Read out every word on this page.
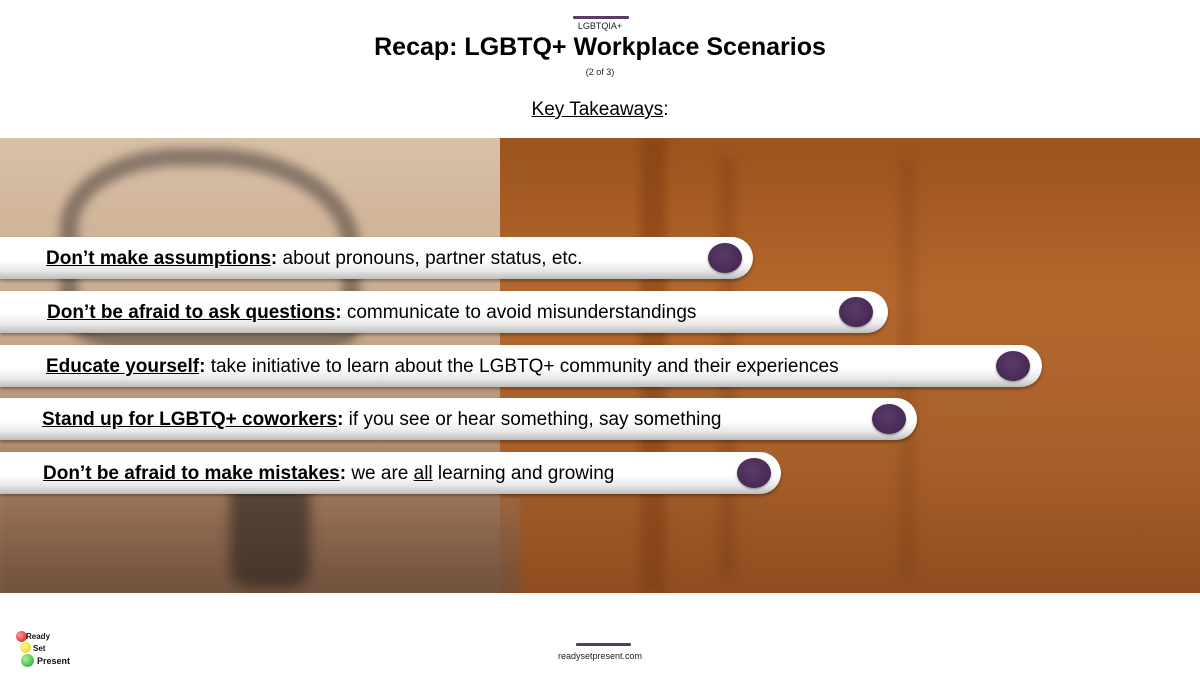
LGBTQIA+
Recap: LGBTQ+ Workplace Scenarios
(2 of 3)
Key Takeaways:
Don’t make assumptions: about pronouns, partner status, etc.
Don’t be afraid to ask questions: communicate to avoid misunderstandings
Educate yourself: take initiative to learn about the LGBTQ+ community and their experiences
Stand up for LGBTQ+ coworkers: if you see or hear something, say something
Don’t be afraid to make mistakes: we are all learning and growing
Ready
Set
Present	readysetpresent.com
